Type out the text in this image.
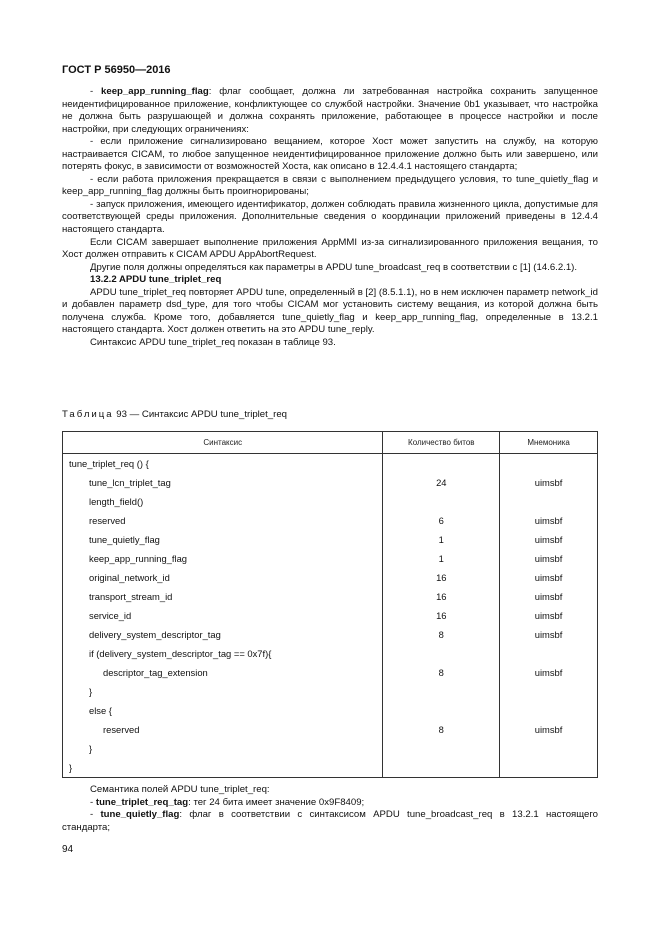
ГОСТ Р 56950—2016

- keep_app_running_flag: флаг сообщает, должна ли затребованная настройка сохранить запущенное неидентифицированное приложение, конфликтующее со службой настройки. Значение 0b1 указывает, что настройка не должна быть разрушающей и должна сохранять приложение, работающее в процессе настройки и после настройки, при следующих ограничениях:

- если приложение сигнализировано вещанием, которое Хост может запустить на службу, на которую настраивается CICAM, то любое запущенное неидентифицированное приложение должно быть или завершено, или потерять фокус, в зависимости от возможностей Хоста, как описано в 12.4.4.1 настоящего стандарта;

- если работа приложения прекращается в связи с выполнением предыдущего условия, то tune_quietly_flag и keep_app_running_flag должны быть проигнорированы;

- запуск приложения, имеющего идентификатор, должен соблюдать правила жизненного цикла, допустимые для соответствующей среды приложения. Дополнительные сведения о координации приложений приведены в 12.4.4 настоящего стандарта.

Если CICAM завершает выполнение приложения AppMMI из-за сигнализированного приложения вещания, то Хост должен отправить к CICAM APDU AppAbortRequest.

Другие поля должны определяться как параметры в APDU tune_broadcast_req в соответствии с [1] (14.6.2.1).

13.2.2 APDU tune_triplet_req

APDU tune_triplet_req повторяет APDU tune, определенный в [2] (8.5.1.1), но в нем исключен параметр network_id и добавлен параметр dsd_type, для того чтобы CICAM мог установить систему вещания, из которой должна быть получена служба. Кроме того, добавляется tune_quietly_flag и keep_app_running_flag, определенные в 13.2.1 настоящего стандарта. Хост должен ответить на это APDU tune_reply.

Синтаксис APDU tune_triplet_req показан в таблице 93.

Таблица 93 — Синтаксис APDU tune_triplet_req
Синтаксис	Количество битов	Мнемоника
tune_triplet_req () {		
tune_lcn_triplet_tag	24	uimsbf
length_field()		
reserved	6	uimsbf
tune_quietly_flag	1	uimsbf
keep_app_running_flag	1	uimsbf
original_network_id	16	uimsbf
transport_stream_id	16	uimsbf
service_id	16	uimsbf
delivery_system_descriptor_tag	8	uimsbf
if (delivery_system_descriptor_tag == 0x7f){		
descriptor_tag_extension	8	uimsbf
}		
else {		
reserved	8	uimsbf
}		
}		

Семантика полей APDU tune_triplet_req:

- tune_triplet_req_tag: тег 24 бита имеет значение 0x9F8409;

- tune_quietly_flag: флаг в соответствии с синтаксисом APDU tune_broadcast_req в 13.2.1 настоящего стандарта;

94
